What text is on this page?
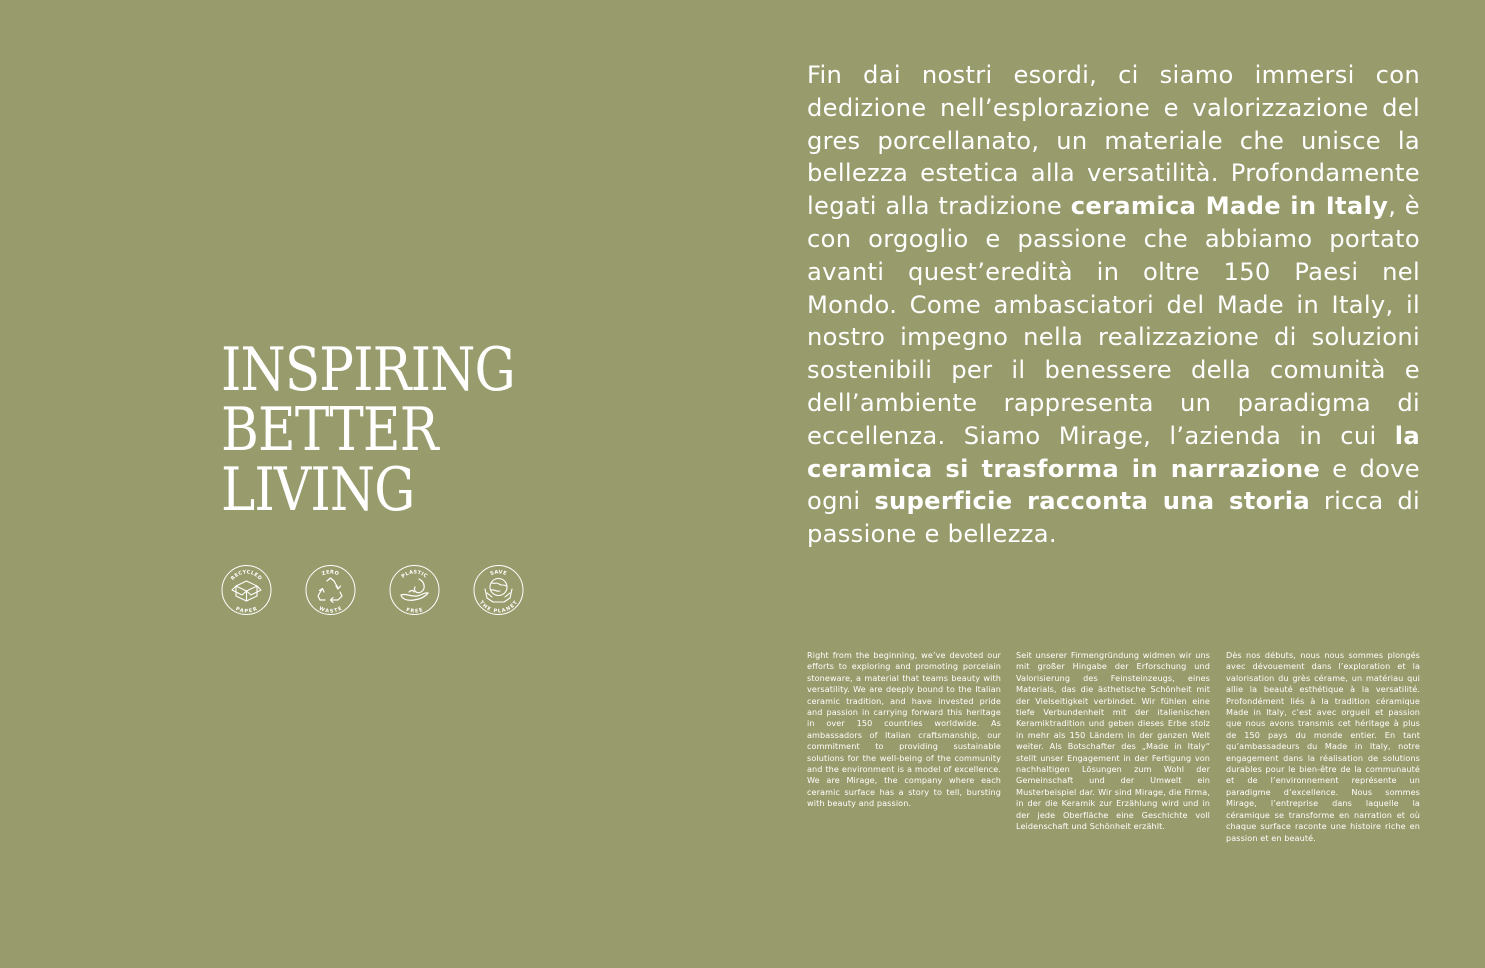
INSPIRING
BETTER
LIVING
RECYCLED
PAPER
ZERO
WASTE
PLASTIC
FREE
SAVE
THE PLANET

Fin dai nostri esordi, ci siamo immersi con dedizione nell’esplorazione e valorizzazione del gres porcellanato, un materiale che unisce la bellezza estetica alla versatilità. Profondamente legati alla tradizione ceramica Made in Italy, è con orgoglio e passione che abbiamo portato avanti quest’eredità in oltre 150 Paesi nel Mondo. Come ambasciatori del Made in Italy, il nostro impegno nella realizzazione di soluzioni sostenibili per il benessere della comunità e dell’ambiente rappresenta un paradigma di eccellenza. Siamo Mirage, l’azienda in cui la ceramica si trasforma in narrazione e dove ogni superficie racconta una storia ricca di passione e bellezza.

Right from the beginning, we’ve devoted our efforts to exploring and promoting porcelain stoneware, a material that teams beauty with versatility. We are deeply bound to the Italian ceramic tradition, and have invested pride and passion in carrying forward this heritage in over 150 countries worldwide. As ambassadors of Italian craftsmanship, our commitment to providing sustainable solutions for the well-being of the community and the environment is a model of excellence. We are Mirage, the company where each ceramic surface has a story to tell, bursting with beauty and passion.

Seit unserer Firmengründung widmen wir uns mit großer Hingabe der Erforschung und Valorisierung des Feinsteinzeugs, eines Materials, das die ästhetische Schönheit mit der Vielseitigkeit verbindet. Wir fühlen eine tiefe Verbundenheit mit der italienischen Keramiktradition und geben dieses Erbe stolz in mehr als 150 Ländern in der ganzen Welt weiter. Als Botschafter des „Made in Italy“ stellt unser Engagement in der Fertigung von nachhaltigen Lösungen zum Wohl der Gemeinschaft und der Umwelt ein Musterbeispiel dar. Wir sind Mirage, die Firma, in der die Keramik zur Erzählung wird und in der jede Oberfläche eine Geschichte voll Leidenschaft und Schönheit erzählt.

Dès nos débuts, nous nous sommes plongés avec dévouement dans l’exploration et la valorisation du grès cérame, un matériau qui allie la beauté esthétique à la versatilité. Profondément liés à la tradition céramique Made in Italy, c’est avec orgueil et passion que nous avons transmis cet héritage à plus de 150 pays du monde entier. En tant qu’ambassadeurs du Made in Italy, notre engagement dans la réalisation de solutions durables pour le bien-être de la communauté et de l’environnement représente un paradigme d’excellence. Nous sommes Mirage, l’entreprise dans laquelle la céramique se transforme en narration et où chaque surface raconte une histoire riche en passion et en beauté.
